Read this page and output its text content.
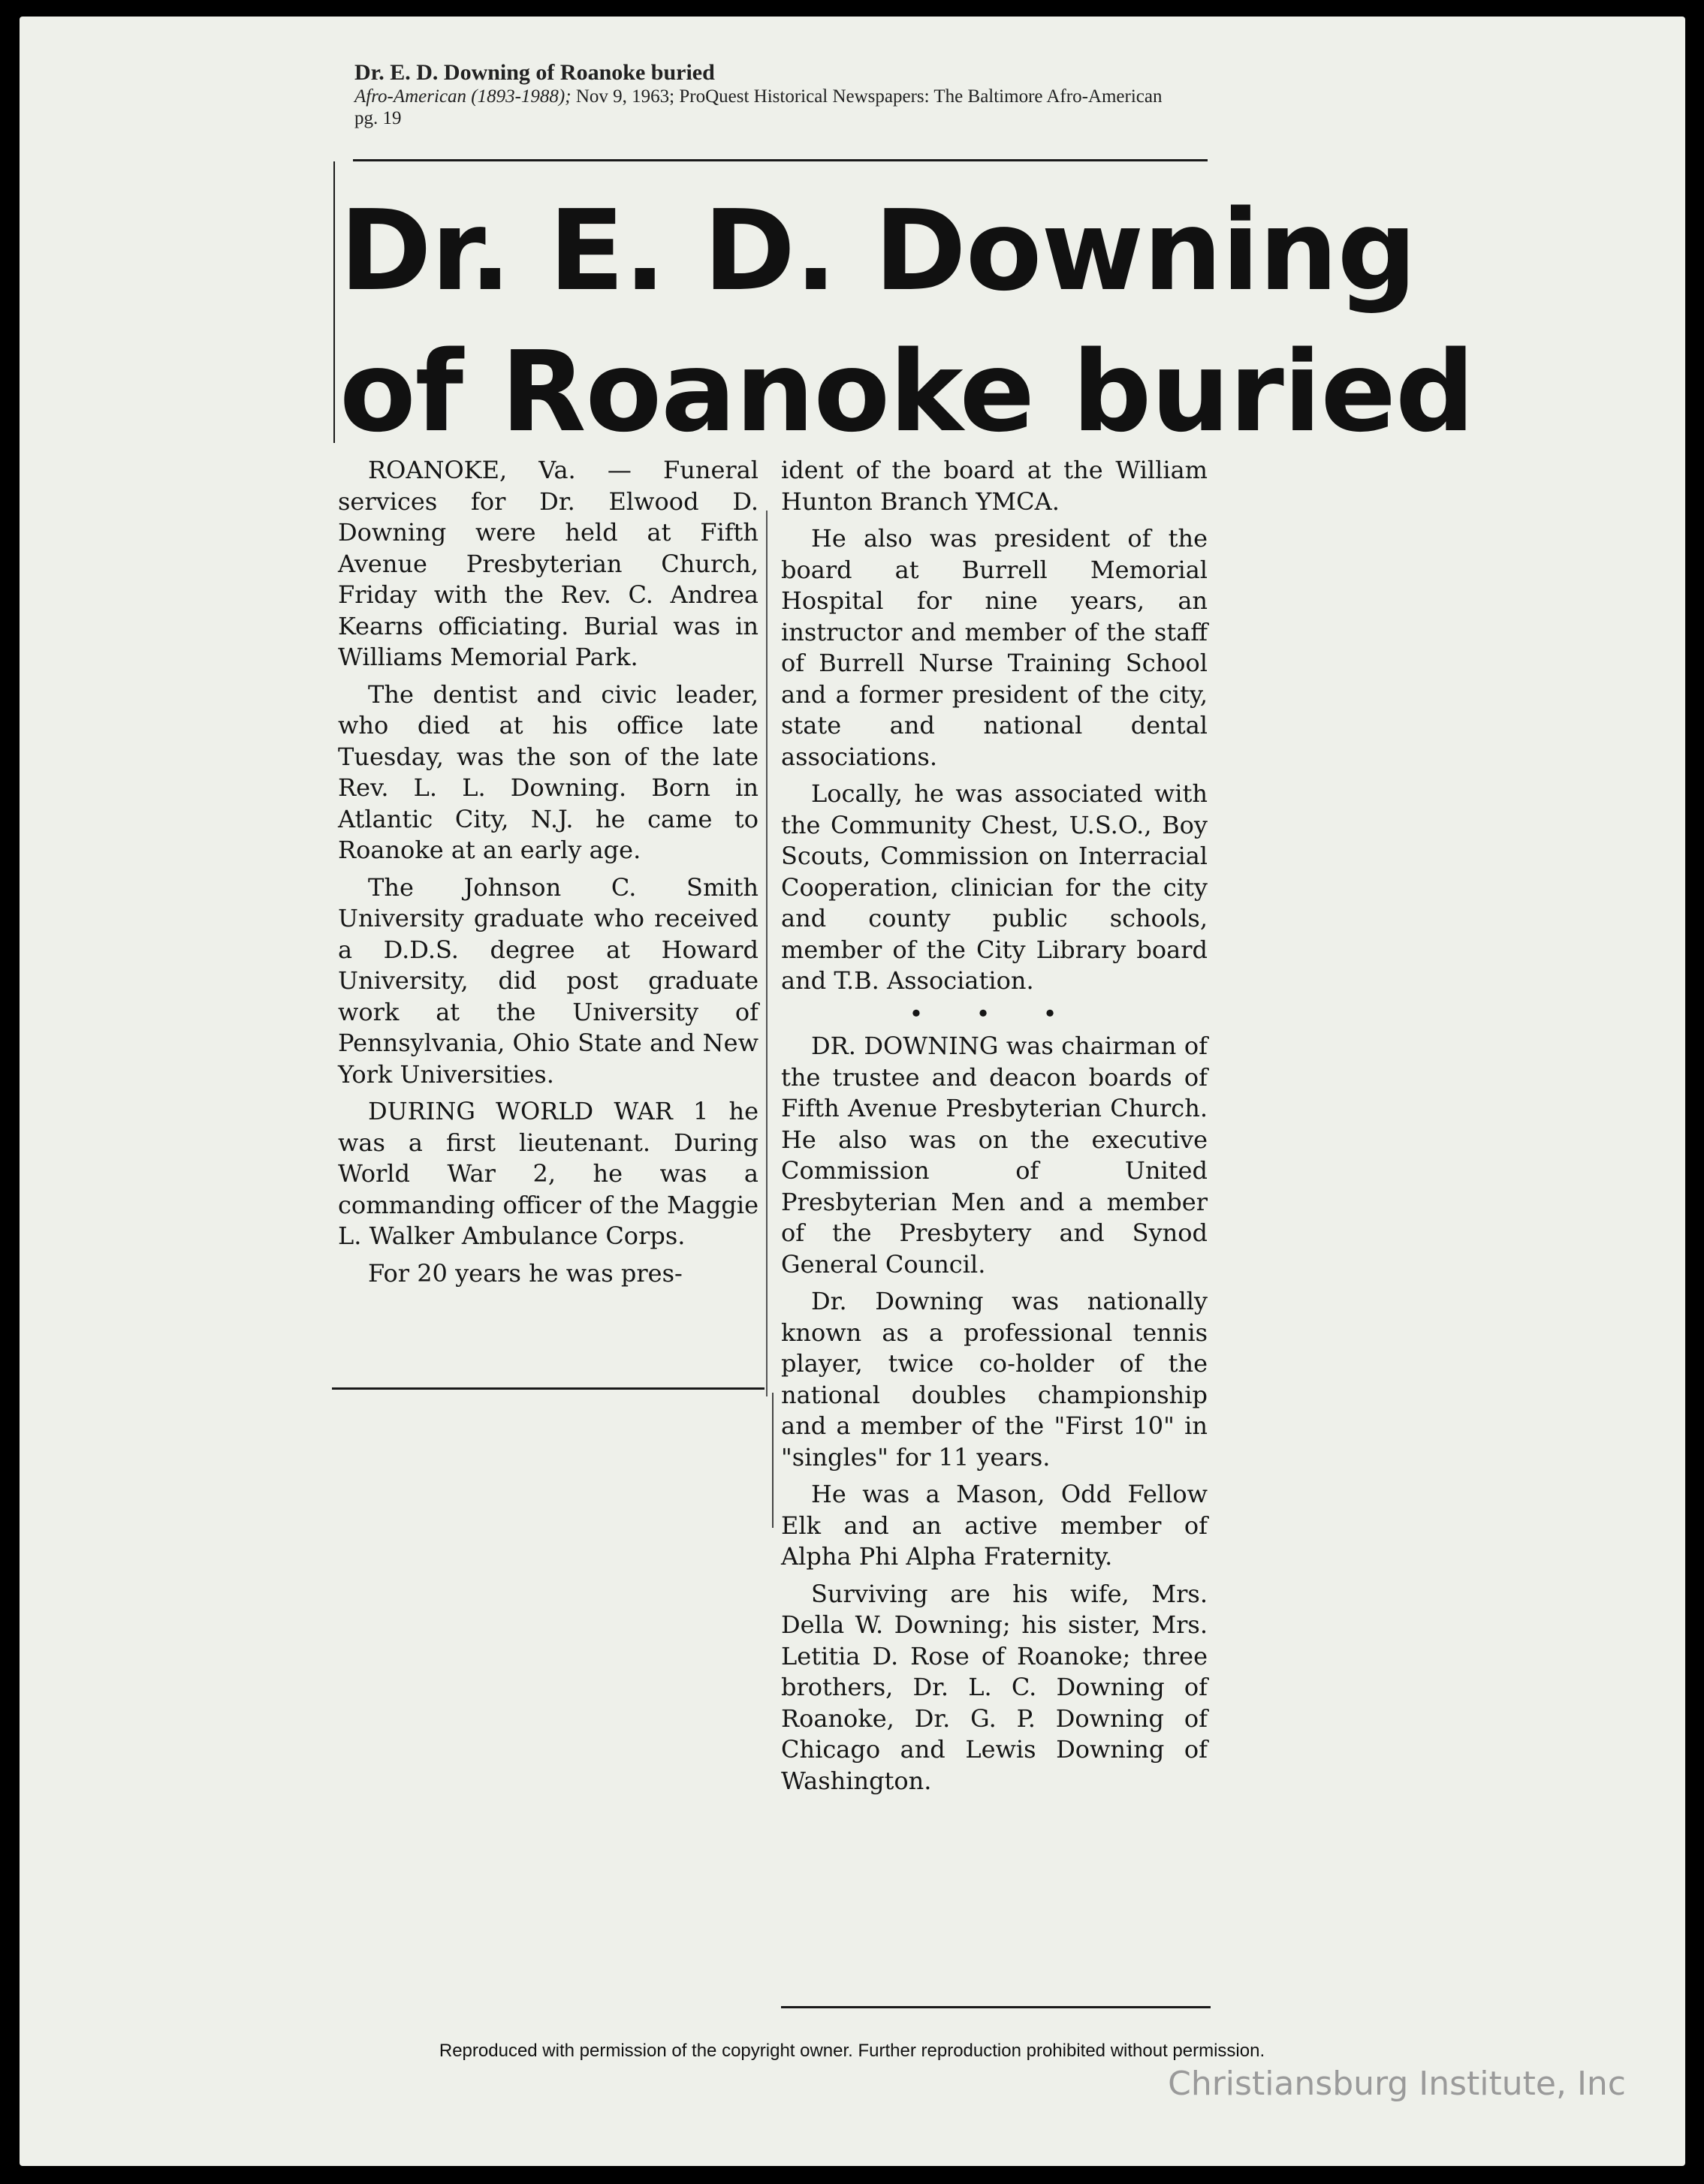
Dr. E. D. Downing of Roanoke buried
Afro-American (1893-1988); Nov 9, 1963; ProQuest Historical Newspapers: The Baltimore Afro-American
pg. 19
Dr. E. D. Downing
of Roanoke buried

ROANOKE, Va. — Funeral services for Dr. Elwood D. Downing were held at Fifth Avenue Presbyterian Church, Friday with the Rev. C. Andrea Kearns officiating. Burial was in Williams Memorial Park.

The dentist and civic leader, who died at his office late Tuesday, was the son of the late Rev. L. L. Downing. Born in Atlantic City, N.J. he came to Roanoke at an early age.

The Johnson C. Smith University graduate who received a D.D.S. degree at Howard University, did post graduate work at the University of Pennsylvania, Ohio State and New York Universities.

DURING WORLD WAR 1 he was a first lieutenant. During World War 2, he was a commanding officer of the Maggie L. Walker Ambulance Corps.

For 20 years he was pres-

ident of the board at the William Hunton Branch YMCA.

He also was president of the board at Burrell Memorial Hospital for nine years, an instructor and member of the staff of Burrell Nurse Training School and a former president of the city, state and national dental associations.

Locally, he was associated with the Community Chest, U.S.O., Boy Scouts, Commission on Interracial Cooperation, clinician for the city and county public schools, member of the City Library board and T.B. Association.

• • •

DR. DOWNING was chairman of the trustee and deacon boards of Fifth Avenue Presbyterian Church. He also was on the executive Commission of United Presbyterian Men and a member of the Presbytery and Synod General Council.

Dr. Downing was nationally known as a professional tennis player, twice co-holder of the national doubles championship and a member of the "First 10" in "singles" for 11 years.

He was a Mason, Odd Fellow Elk and an active member of Alpha Phi Alpha Fraternity.

Surviving are his wife, Mrs. Della W. Downing; his sister, Mrs. Letitia D. Rose of Roanoke; three brothers, Dr. L. C. Downing of Roanoke, Dr. G. P. Downing of Chicago and Lewis Downing of Washington.

Reproduced with permission of the copyright owner. Further reproduction prohibited without permission.
Christiansburg Institute, Inc
